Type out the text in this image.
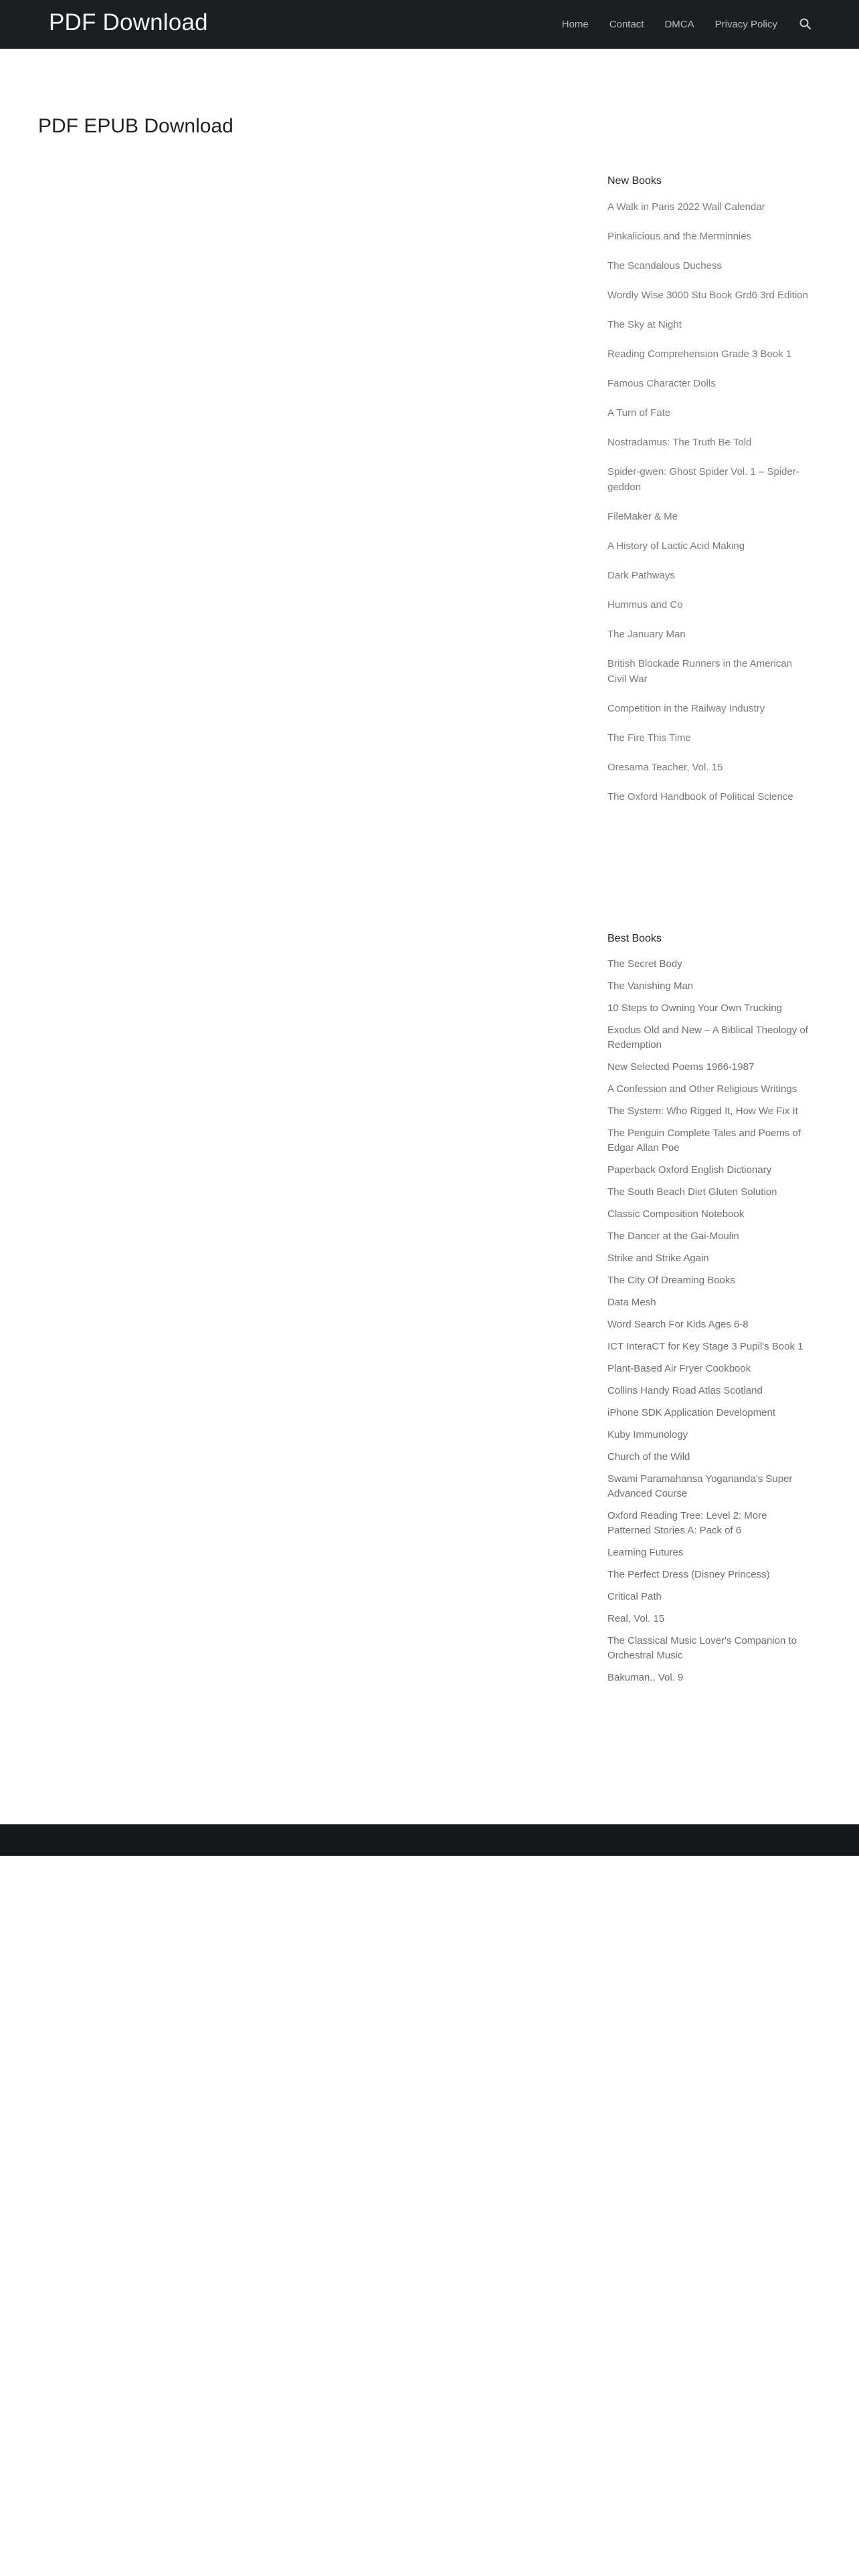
PDF Download	Home Contact DMCA Privacy Policy
PDF EPUB Download
New Books
A Walk in Paris 2022 Wall Calendar
Pinkalicious and the Merminnies
The Scandalous Duchess
Wordly Wise 3000 Stu Book Grd6 3rd Edition
The Sky at Night
Reading Comprehension Grade 3 Book 1
Famous Character Dolls
A Turn of Fate
Nostradamus: The Truth Be Told
Spider-gwen: Ghost Spider Vol. 1 – Spider-geddon
FileMaker & Me
A History of Lactic Acid Making
Dark Pathways
Hummus and Co
The January Man
British Blockade Runners in the American Civil War
Competition in the Railway Industry
The Fire This Time
Oresama Teacher, Vol. 15
The Oxford Handbook of Political Science
Best Books
The Secret Body
The Vanishing Man
10 Steps to Owning Your Own Trucking
Exodus Old and New – A Biblical Theology of Redemption
New Selected Poems 1966-1987
A Confession and Other Religious Writings
The System: Who Rigged It, How We Fix It
The Penguin Complete Tales and Poems of Edgar Allan Poe
Paperback Oxford English Dictionary
The South Beach Diet Gluten Solution
Classic Composition Notebook
The Dancer at the Gai-Moulin
Strike and Strike Again
The City Of Dreaming Books
Data Mesh
Word Search For Kids Ages 6-8
ICT InteraCT for Key Stage 3 Pupil's Book 1
Plant-Based Air Fryer Cookbook
Collins Handy Road Atlas Scotland
iPhone SDK Application Development
Kuby Immunology
Church of the Wild
Swami Paramahansa Yogananda's Super Advanced Course
Oxford Reading Tree: Level 2: More Patterned Stories A: Pack of 6
Learning Futures
The Perfect Dress (Disney Princess)
Critical Path
Real, Vol. 15
The Classical Music Lover's Companion to Orchestral Music
Bakuman., Vol. 9
